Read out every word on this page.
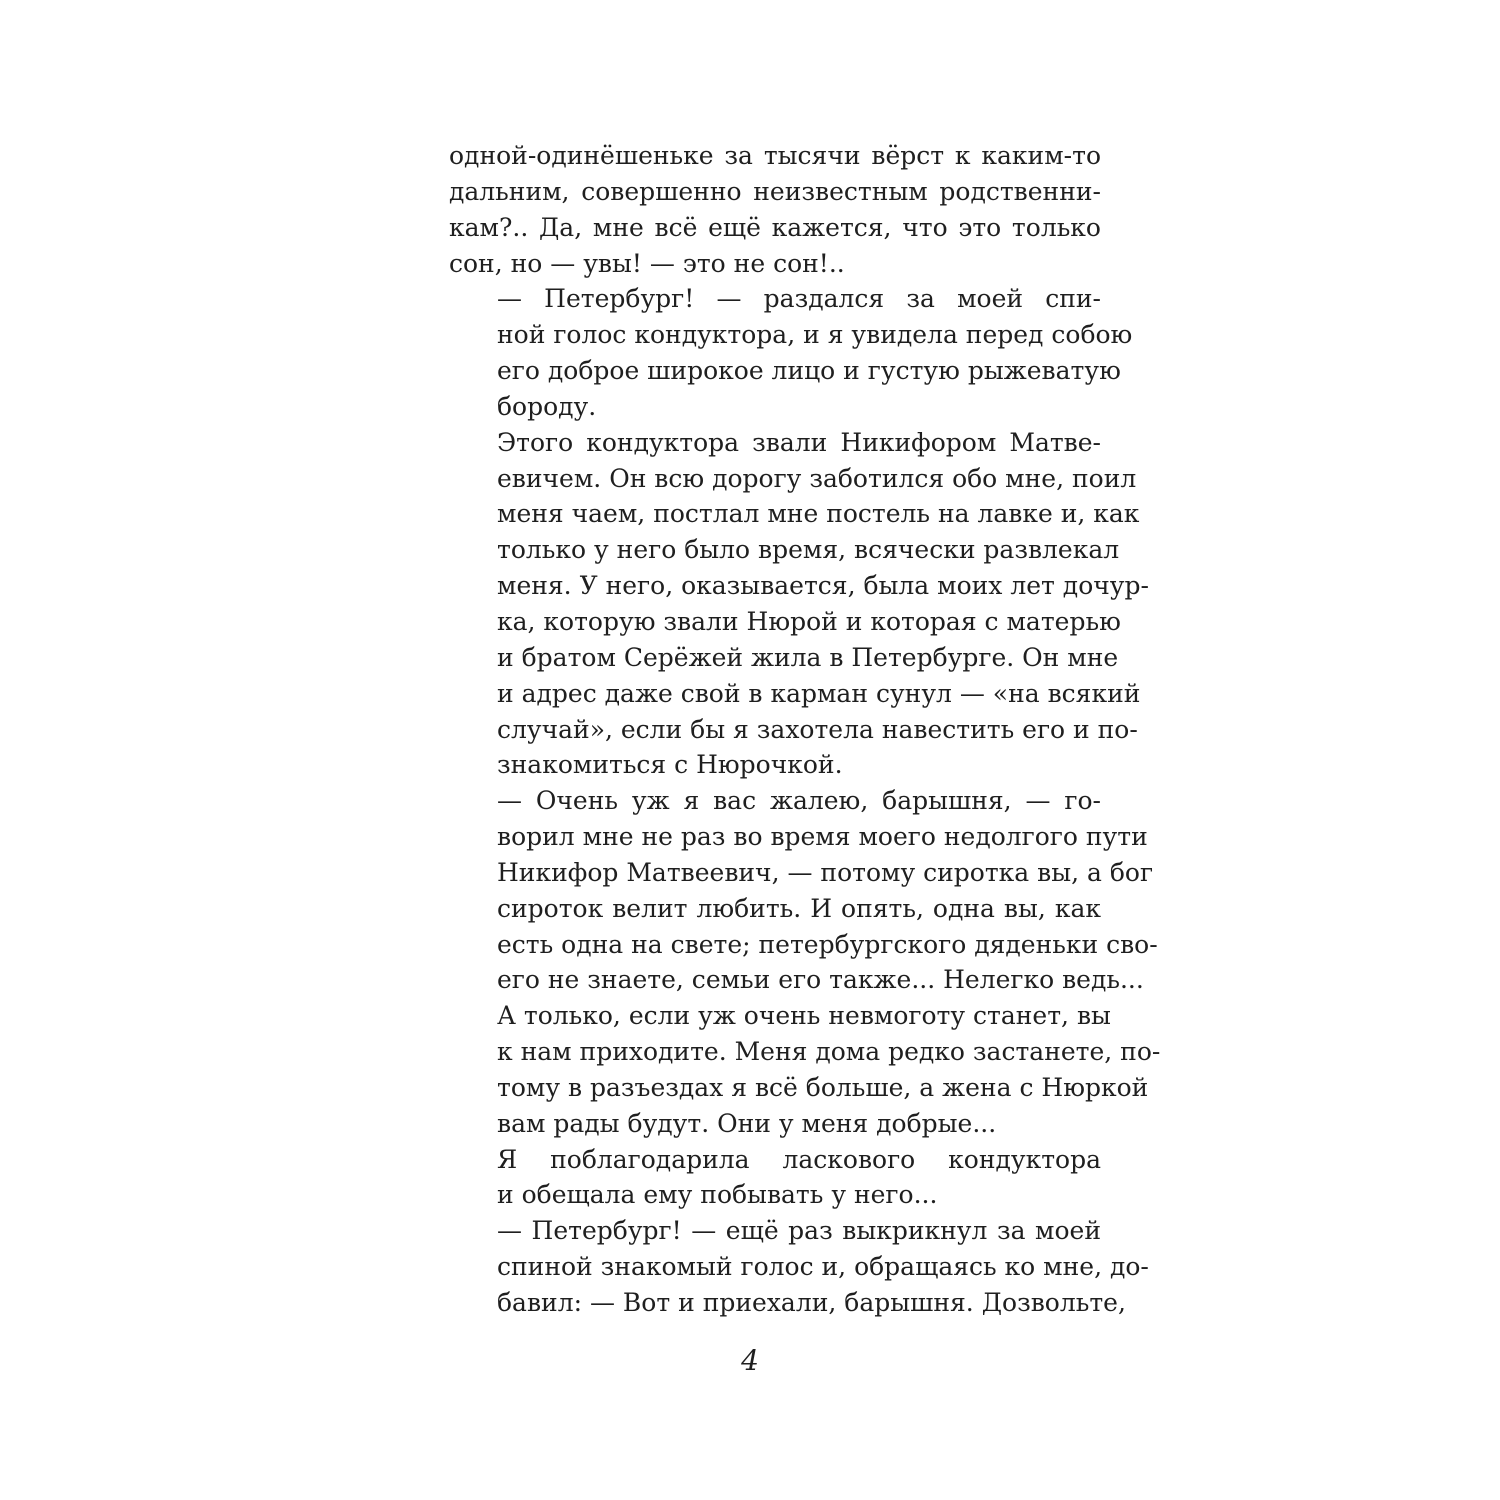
одной-одинёшеньке за тысячи вёрст к каким-то
дальним, совершенно неизвестным родственни-
кам?.. Да, мне всё ещё кажется, что это только
сон, но — увы! — это не сон!..
— Петербург! — раздался за моей спи-
ной голос кондуктора, и я увидела перед собою
его доброе широкое лицо и густую рыжеватую
бороду.
Этого кондуктора звали Никифором Матве-
евичем. Он всю дорогу заботился обо мне, поил
меня чаем, постлал мне постель на лавке и, как
только у него было время, всячески развлекал
меня. У него, оказывается, была моих лет дочур-
ка, которую звали Нюрой и которая с матерью
и братом Серёжей жила в Петербурге. Он мне
и адрес даже свой в карман сунул — «на всякий
случай», если бы я захотела навестить его и по-
знакомиться с Нюрочкой.
— Очень уж я вас жалею, барышня, — го-
ворил мне не раз во время моего недолгого пути
Никифор Матвеевич, — потому сиротка вы, а бог
сироток велит любить. И опять, одна вы, как
есть одна на свете; петербургского дяденьки сво-
его не знаете, семьи его также... Нелегко ведь...
А только, если уж очень невмоготу станет, вы
к нам приходите. Меня дома редко застанете, по-
тому в разъездах я всё больше, а жена с Нюркой
вам рады будут. Они у меня добрые...
Я поблагодарила ласкового кондуктора
и обещала ему побывать у него...
— Петербург! — ещё раз выкрикнул за моей
спиной знакомый голос и, обращаясь ко мне, до-
бавил: — Вот и приехали, барышня. Дозвольте,
4
